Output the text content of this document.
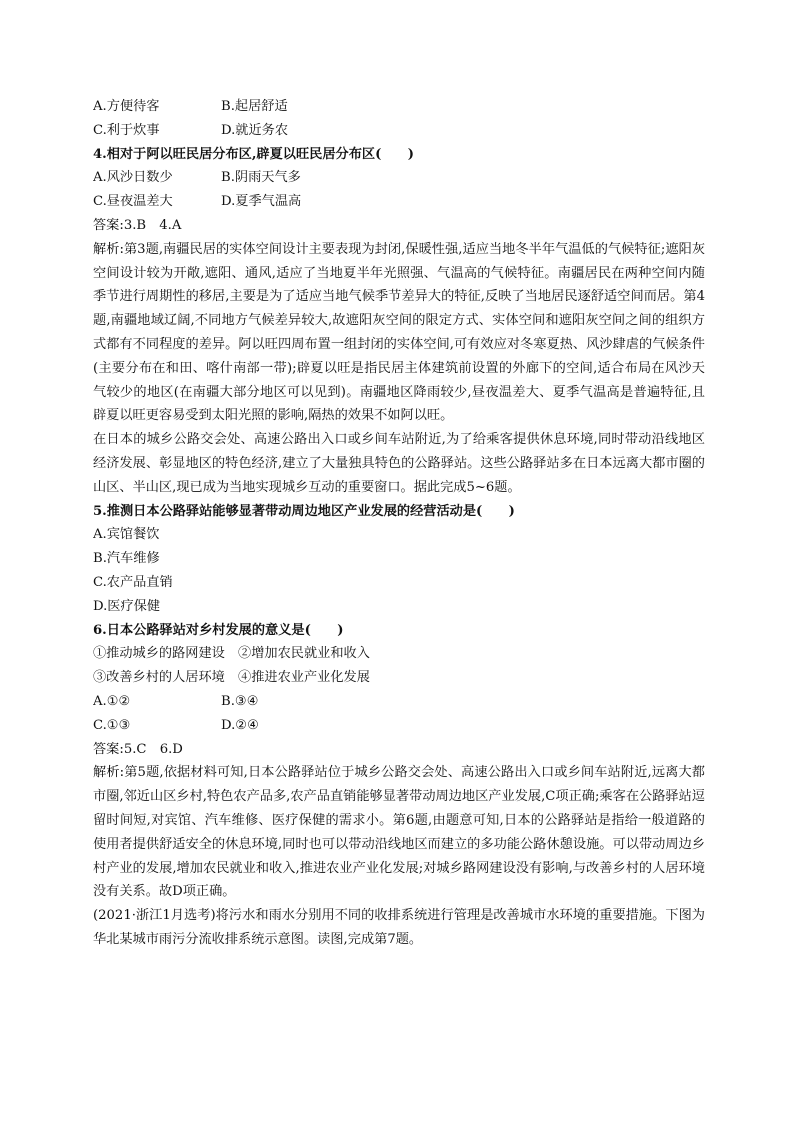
A.方便待客	B.起居舒适
C.利于炊事	D.就近务农
4.相对于阿以旺民居分布区,辟夏以旺民居分布区(　　)
A.风沙日数少	B.阴雨天气多
C.昼夜温差大	D.夏季气温高
答案:3.B　4.A
解析:第3题,南疆民居的实体空间设计主要表现为封闭,保暖性强,适应当地冬半年气温低的气候特征;遮阳灰空间设计较为开敞,遮阳、通风,适应了当地夏半年光照强、气温高的气候特征。南疆居民在两种空间内随季节进行周期性的移居,主要是为了适应当地气候季节差异大的特征,反映了当地居民逐舒适空间而居。第4题,南疆地域辽阔,不同地方气候差异较大,故遮阳灰空间的限定方式、实体空间和遮阳灰空间之间的组织方式都有不同程度的差异。阿以旺四周布置一组封闭的实体空间,可有效应对冬寒夏热、风沙肆虐的气候条件(主要分布在和田、喀什南部一带);辟夏以旺是指民居主体建筑前设置的外廊下的空间,适合布局在风沙天气较少的地区(在南疆大部分地区可以见到)。南疆地区降雨较少,昼夜温差大、夏季气温高是普遍特征,且辟夏以旺更容易受到太阳光照的影响,隔热的效果不如阿以旺。
在日本的城乡公路交会处、高速公路出入口或乡间车站附近,为了给乘客提供休息环境,同时带动沿线地区经济发展、彰显地区的特色经济,建立了大量独具特色的公路驿站。这些公路驿站多在日本远离大都市圈的山区、半山区,现已成为当地实现城乡互动的重要窗口。据此完成5~6题。
5.推测日本公路驿站能够显著带动周边地区产业发展的经营活动是(　　)
A.宾馆餐饮
B.汽车维修
C.农产品直销
D.医疗保健
6.日本公路驿站对乡村发展的意义是(　　)
①推动城乡的路网建设　②增加农民就业和收入
③改善乡村的人居环境　④推进农业产业化发展
A.①②	B.③④
C.①③	D.②④
答案:5.C　6.D
解析:第5题,依据材料可知,日本公路驿站位于城乡公路交会处、高速公路出入口或乡间车站附近,远离大都市圈,邻近山区乡村,特色农产品多,农产品直销能够显著带动周边地区产业发展,C项正确;乘客在公路驿站逗留时间短,对宾馆、汽车维修、医疗保健的需求小。第6题,由题意可知,日本的公路驿站是指给一般道路的使用者提供舒适安全的休息环境,同时也可以带动沿线地区而建立的多功能公路休憩设施。可以带动周边乡村产业的发展,增加农民就业和收入,推进农业产业化发展;对城乡路网建设没有影响,与改善乡村的人居环境没有关系。故D项正确。
(2021·浙江1月选考)将污水和雨水分别用不同的收排系统进行管理是改善城市水环境的重要措施。下图为华北某城市雨污分流收排系统示意图。读图,完成第7题。
